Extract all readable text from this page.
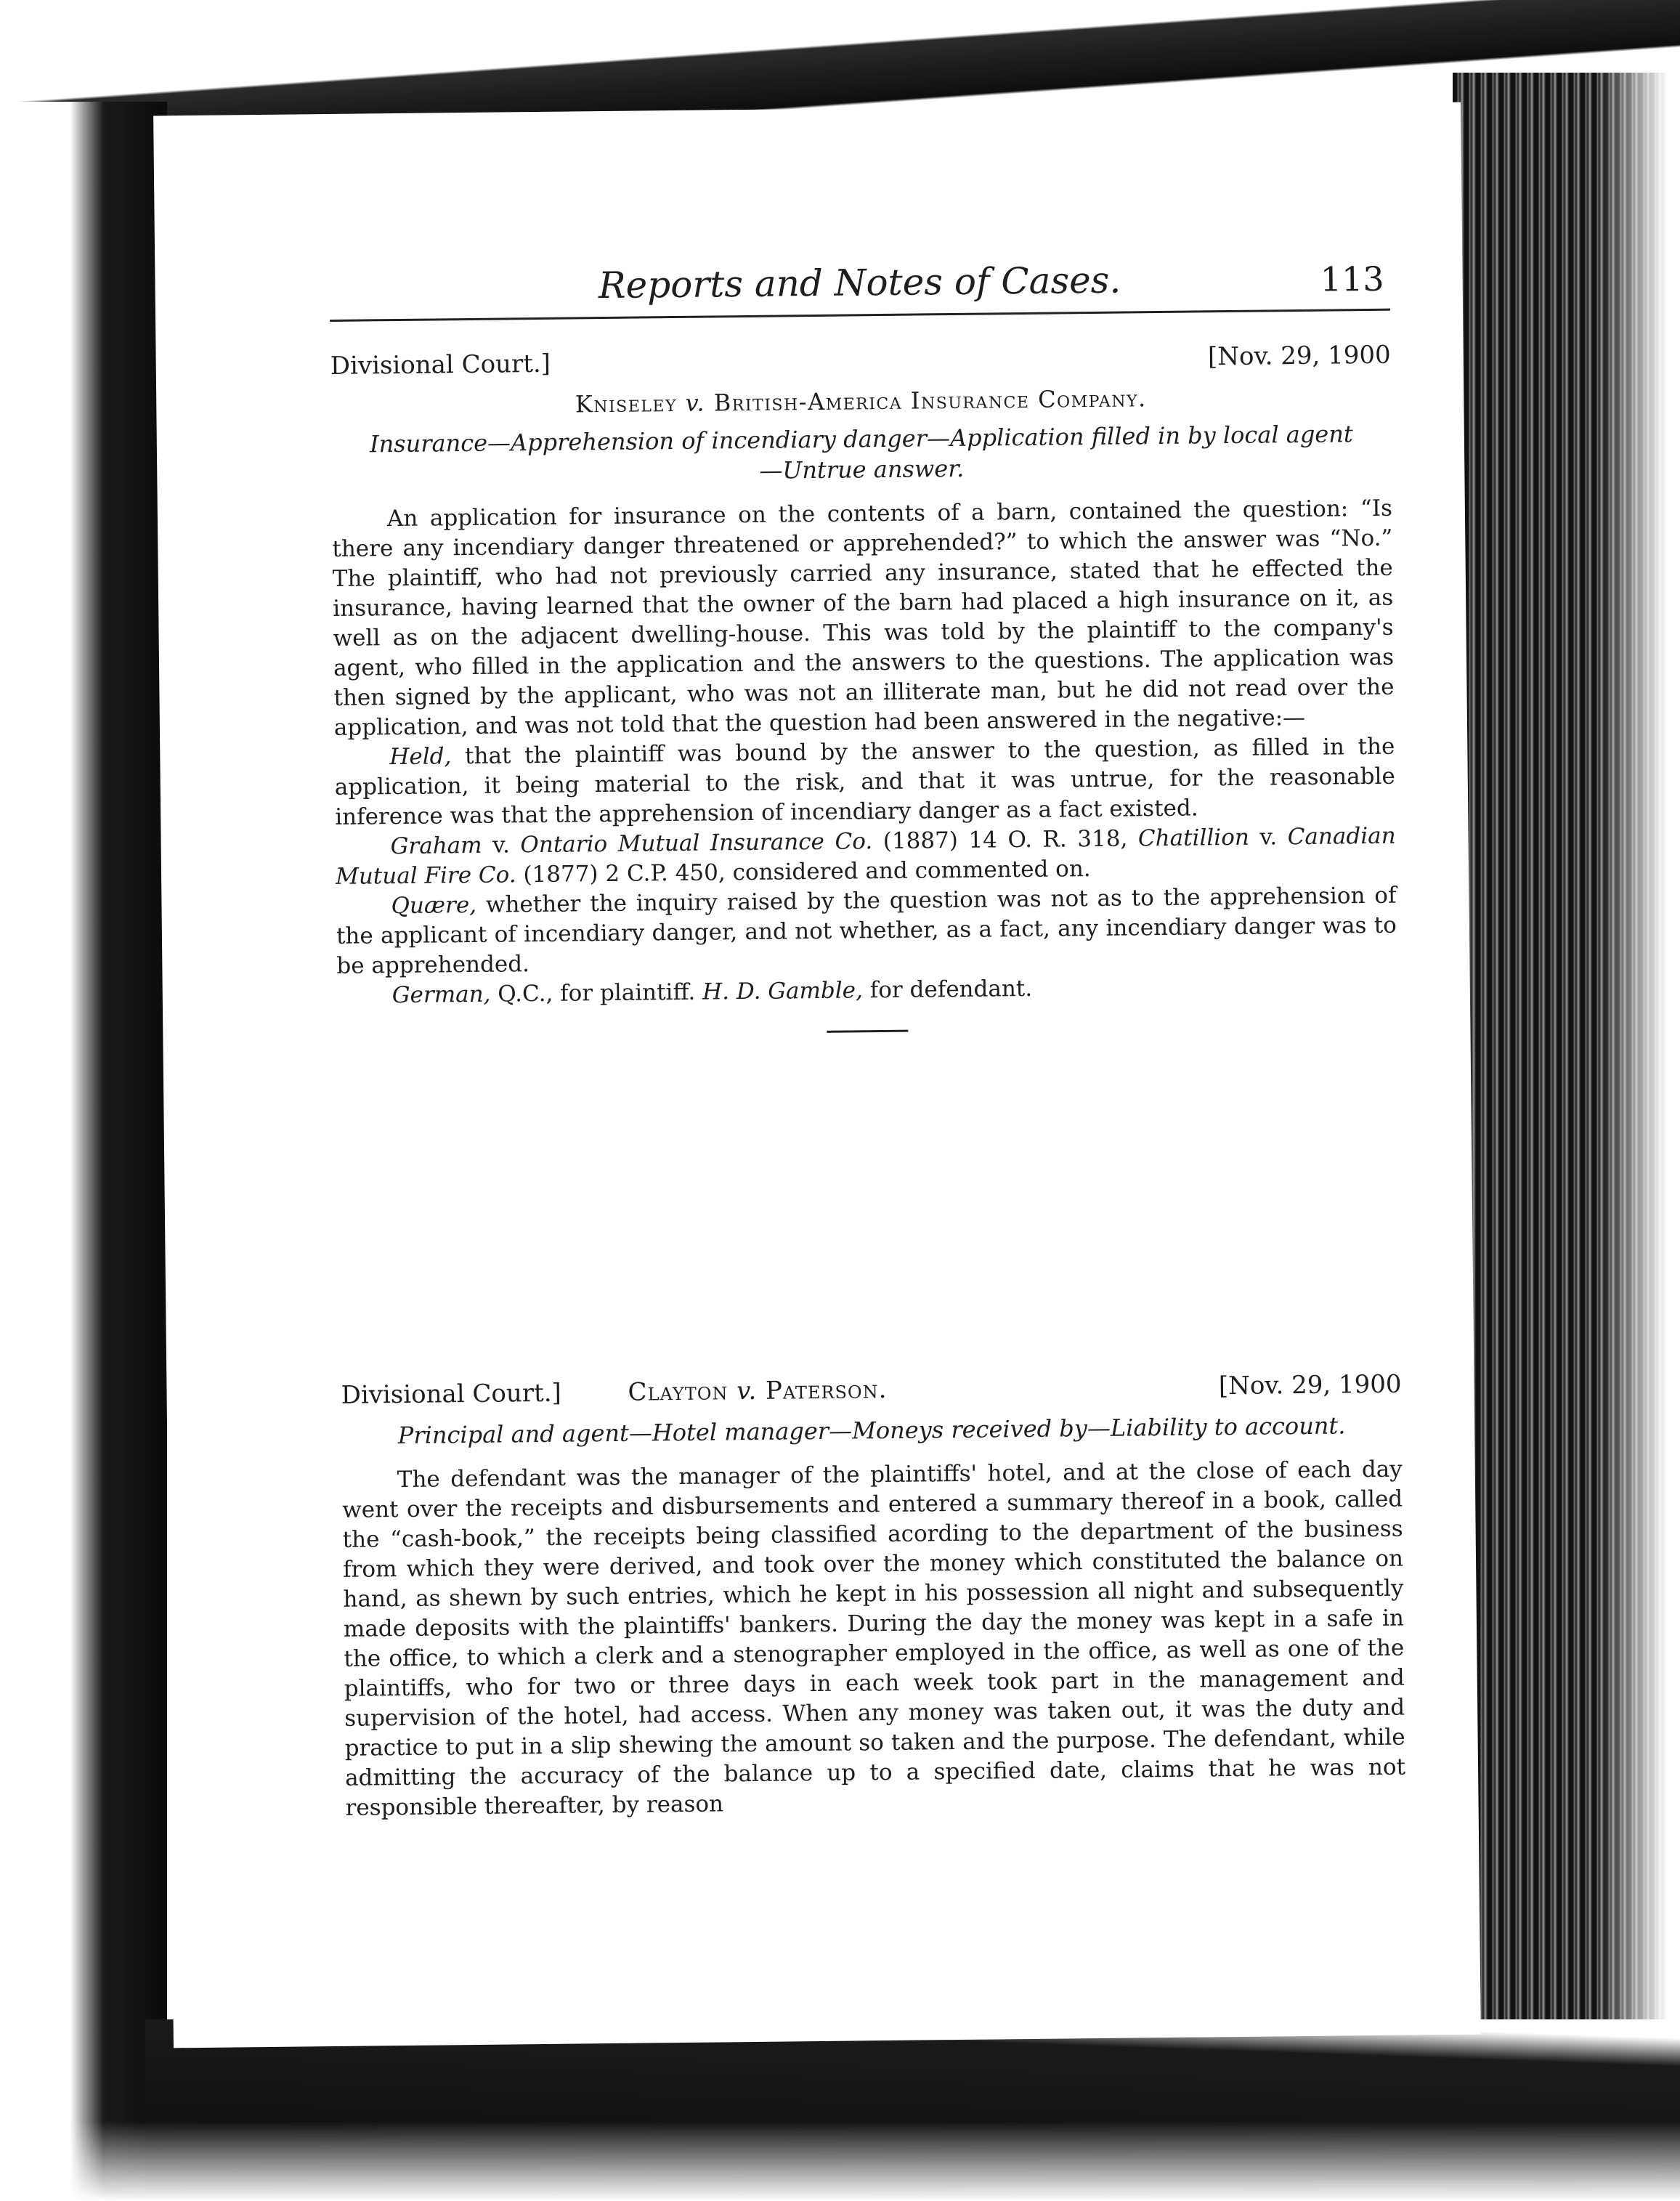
Reports and Notes of Cases.	113
Divisional Court.]	[Nov. 29, 1900
Kniseley v. British-America Insurance Company.
Insurance—Apprehension of incendiary danger—Application filled in by local agent—Untrue answer.

An application for insurance on the contents of a barn, contained the question: “Is there any incendiary danger threatened or apprehended?” to which the answer was “No.” The plaintiff, who had not previously carried any insurance, stated that he effected the insurance, having learned that the owner of the barn had placed a high insurance on it, as well as on the adjacent dwelling-house. This was told by the plaintiff to the company's agent, who filled in the application and the answers to the questions. The application was then signed by the applicant, who was not an illiterate man, but he did not read over the application, and was not told that the question had been answered in the negative:—

Held, that the plaintiff was bound by the answer to the question, as filled in the application, it being material to the risk, and that it was untrue, for the reasonable inference was that the apprehension of incendiary danger as a fact existed.

Graham v. Ontario Mutual Insurance Co. (1887) 14 O. R. 318, Chatillion v. Canadian Mutual Fire Co. (1877) 2 C.P. 450, considered and commented on.

Quære, whether the inquiry raised by the question was not as to the apprehension of the applicant of incendiary danger, and not whether, as a fact, any incendiary danger was to be apprehended.

German, Q.C., for plaintiff. H. D. Gamble, for defendant.

Divisional Court.]	Clayton v. Paterson.	[Nov. 29, 1900
Principal and agent—Hotel manager—Moneys received by—Liability to account.

The defendant was the manager of the plaintiffs' hotel, and at the close of each day went over the receipts and disbursements and entered a summary thereof in a book, called the “cash-book,” the receipts being classified acording to the department of the business from which they were derived, and took over the money which constituted the balance on hand, as shewn by such entries, which he kept in his possession all night and subsequently made deposits with the plaintiffs' bankers. During the day the money was kept in a safe in the office, to which a clerk and a stenographer employed in the office, as well as one of the plaintiffs, who for two or three days in each week took part in the management and supervision of the hotel, had access. When any money was taken out, it was the duty and practice to put in a slip shewing the amount so taken and the purpose. The defendant, while admitting the accuracy of the balance up to a specified date, claims that he was not responsible thereafter, by reason
